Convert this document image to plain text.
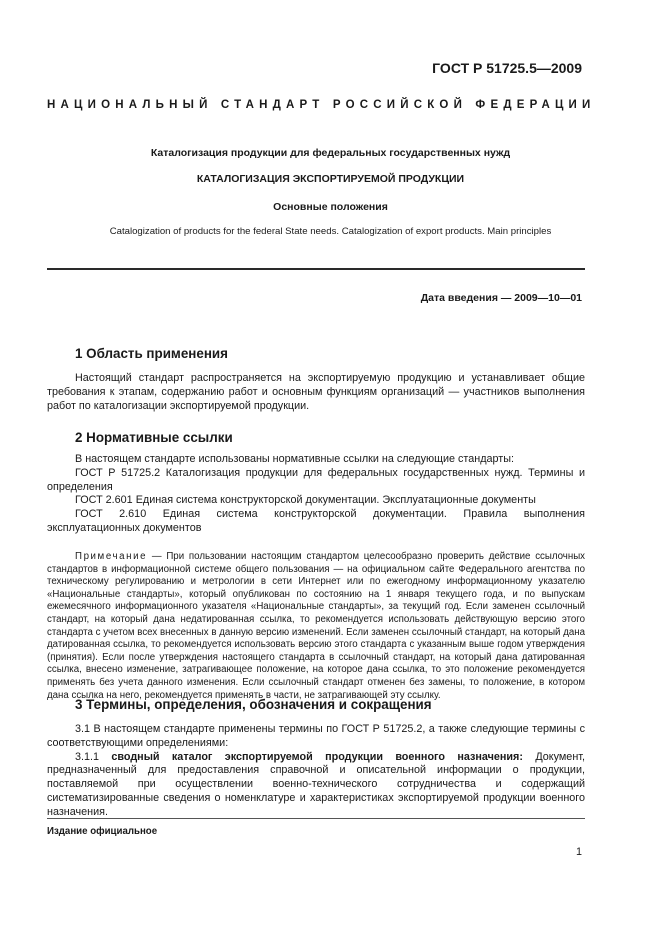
ГОСТ Р 51725.5—2009
НАЦИОНАЛЬНЫЙ СТАНДАРТ РОССИЙСКОЙ ФЕДЕРАЦИИ
Каталогизация продукции для федеральных государственных нужд
КАТАЛОГИЗАЦИЯ ЭКСПОРТИРУЕМОЙ ПРОДУКЦИИ
Основные положения
Catalogization of products for the federal State needs. Catalogization of export products. Main principles
Дата введения — 2009—10—01
1 Область применения
Настоящий стандарт распространяется на экспортируемую продукцию и устанавливает общие требования к этапам, содержанию работ и основным функциям организаций — участников выполнения работ по каталогизации экспортируемой продукции.
2 Нормативные ссылки
В настоящем стандарте использованы нормативные ссылки на следующие стандарты:
ГОСТ Р 51725.2 Каталогизация продукции для федеральных государственных нужд. Термины и определения
ГОСТ 2.601 Единая система конструкторской документации. Эксплуатационные документы
ГОСТ 2.610 Единая система конструкторской документации. Правила выполнения эксплуатационных документов
Примечание — При пользовании настоящим стандартом целесообразно проверить действие ссылочных стандартов в информационной системе общего пользования — на официальном сайте Федерального агентства по техническому регулированию и метрологии в сети Интернет или по ежегодному информационному указателю «Национальные стандарты», который опубликован по состоянию на 1 января текущего года, и по выпускам ежемесячного информационного указателя «Национальные стандарты», за текущий год. Если заменен ссылочный стандарт, на который дана недатированная ссылка, то рекомендуется использовать действующую версию этого стандарта с учетом всех внесенных в данную версию изменений. Если заменен ссылочный стандарт, на который дана датированная ссылка, то рекомендуется использовать версию этого стандарта с указанным выше годом утверждения (принятия). Если после утверждения настоящего стандарта в ссылочный стандарт, на который дана датированная ссылка, внесено изменение, затрагивающее положение, на которое дана ссылка, то это положение рекомендуется применять без учета данного изменения. Если ссылочный стандарт отменен без замены, то положение, в котором дана ссылка на него, рекомендуется применять в части, не затрагивающей эту ссылку.
3 Термины, определения, обозначения и сокращения
3.1 В настоящем стандарте применены термины по ГОСТ Р 51725.2, а также следующие термины с соответствующими определениями:
3.1.1 сводный каталог экспортируемой продукции военного назначения: Документ, предназначенный для предоставления справочной и описательной информации о продукции, поставляемой при осуществлении военно-технического сотрудничества и содержащий систематизированные сведения о номенклатуре и характеристиках экспортируемой продукции военного назначения.
Издание официальное
1
